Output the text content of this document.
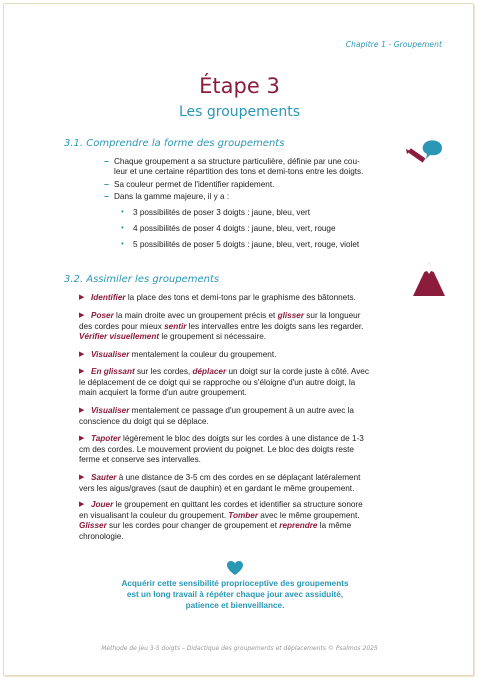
Chapitre 1 - Groupement
Étape 3
Les groupements
3.1. Comprendre la forme des groupements
– Chaque groupement a sa structure particulière, définie par une cou-
leur et une certaine répartition des tons et demi-tons entre les doigts.
– Sa couleur permet de l'identifier rapidement.
– Dans la gamme majeure, il y a :
• 3 possibilités de poser 3 doigts : jaune, bleu, vert
• 4 possibilités de poser 4 doigts : jaune, bleu, vert, rouge
• 5 possibilités de poser 5 doigts : jaune, bleu, vert, rouge, violet
3.2. Assimiler les groupements
▶ Identifier la place des tons et demi-tons par le graphisme des bâtonnets.
▶ Poser la main droite avec un groupement précis et glisser sur la longueur
des cordes pour mieux sentir les intervalles entre les doigts sans les regarder.
Vérifier visuellement le groupement si nécessaire.
▶ Visualiser mentalement la couleur du groupement.
▶ En glissant sur les cordes, déplacer un doigt sur la corde juste à côté. Avec
le déplacement de ce doigt qui se rapproche ou s'éloigne d'un autre doigt, la
main acquiert la forme d'un autre groupement.
▶ Visualiser mentalement ce passage d'un groupement à un autre avec la
conscience du doigt qui se déplace.
▶ Tapoter légèrement le bloc des doigts sur les cordes à une distance de 1-3
cm des cordes. Le mouvement provient du poignet. Le bloc des doigts reste
ferme et conserve ses intervalles.
▶ Sauter à une distance de 3-5 cm des cordes en se déplaçant latéralement
vers les aigus/graves (saut de dauphin) et en gardant le même groupement.
▶ Jouer le groupement en quittant les cordes et identifier sa structure sonore
en visualisant la couleur du groupement. Tomber avec le même groupement.
Glisser sur les cordes pour changer de groupement et reprendre la même
chronologie.
Acquérir cette sensibilité proprioceptive des groupements
est un long travail à répéter chaque jour avec assiduité,
patience et bienveillance.
Méthode de jeu 3-5 doigts – Didactique des groupements et déplacements © Psalmos 2025
